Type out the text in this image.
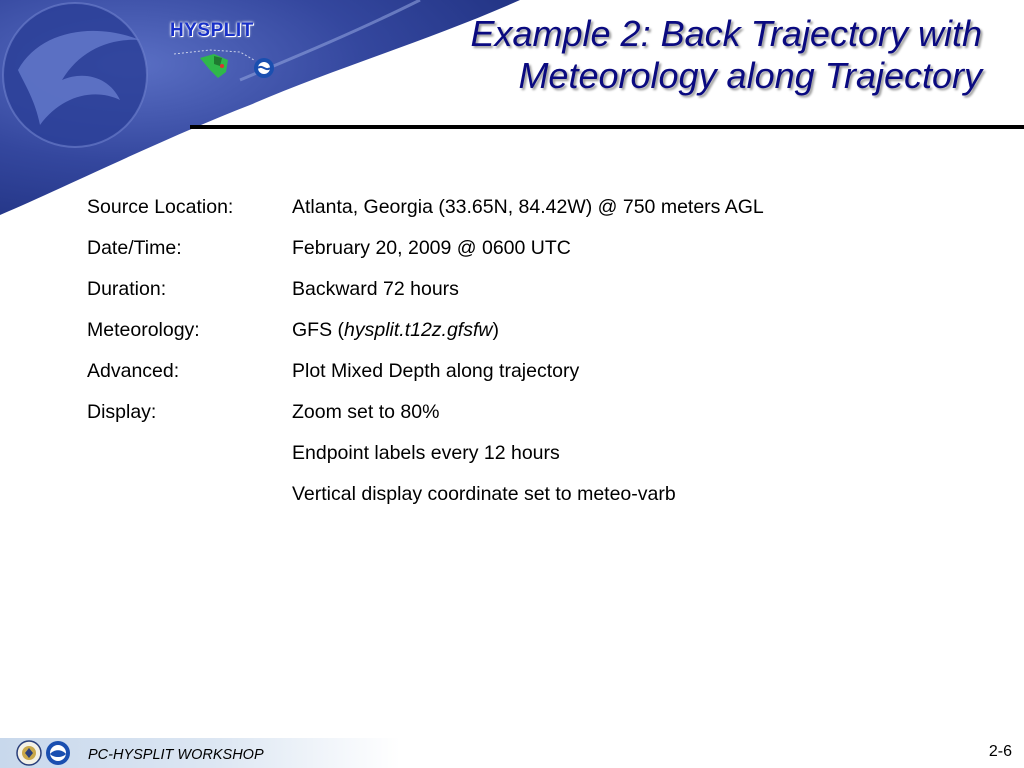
HYSPLIT	Example 2: Back Trajectory with
Meteorology along Trajectory
Source Location:	Atlanta, Georgia (33.65N, 84.42W) @ 750 meters AGL
Date/Time:	February 20, 2009 @ 0600 UTC
Duration:	Backward 72 hours
Meteorology:	GFS (hysplit.t12z.gfsfw)
Advanced:	Plot Mixed Depth along trajectory
Display:	Zoom set to 80%
Endpoint labels every 12 hours
Vertical display coordinate set to meteo-varb
PC-HYSPLIT WORKSHOP	2-6
